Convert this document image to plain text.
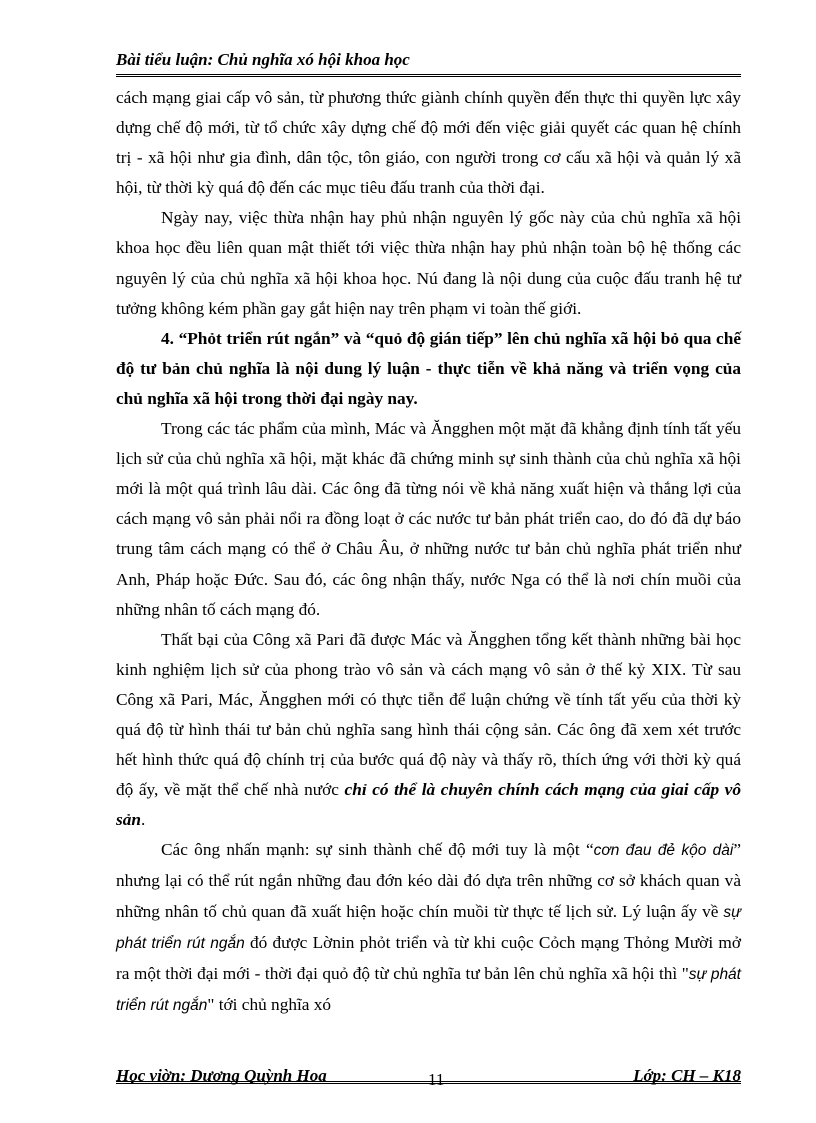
Bài tiểu luận: Chủ nghĩa xó hội khoa học

cách mạng giai cấp vô sản, từ phương thức giành chính quyền đến thực thi quyền lực xây dựng chế độ mới, từ tổ chức xây dựng chế độ mới đến việc giải quyết các quan hệ chính trị - xã hội như gia đình, dân tộc, tôn giáo, con người trong cơ cấu xã hội và quản lý xã hội, từ thời kỳ quá độ đến các mục tiêu đấu tranh của thời đại.

Ngày nay, việc thừa nhận hay phủ nhận nguyên lý gốc này của chủ nghĩa xã hội khoa học đều liên quan mật thiết tới việc thừa nhận hay phủ nhận toàn bộ hệ thống các nguyên lý của chủ nghĩa xã hội khoa học. Nú đang là nội dung của cuộc đấu tranh hệ tư tưởng không kém phần gay gắt hiện nay trên phạm vi toàn thế giới.

4. “Phỏt triển rút ngắn” và “quỏ độ gián tiếp” lên chủ nghĩa xã hội bỏ qua chế độ tư bản chủ nghĩa là nội dung lý luận - thực tiễn về khả năng và triển vọng của chủ nghĩa xã hội trong thời đại ngày nay.

Trong các tác phẩm của mình, Mác và Ăngghen một mặt đã khẳng định tính tất yếu lịch sử của chủ nghĩa xã hội, mặt khác đã chứng minh sự sinh thành của chủ nghĩa xã hội mới là một quá trình lâu dài. Các ông đã từng nói về khả năng xuất hiện và thắng lợi của cách mạng vô sản phải nổi ra đồng loạt ở các nước tư bản phát triển cao, do đó đã dự báo trung tâm cách mạng có thể ở Châu Âu, ở những nước tư bản chủ nghĩa phát triển như Anh, Pháp hoặc Đức. Sau đó, các ông nhận thấy, nước Nga có thể là nơi chín muồi của những nhân tố cách mạng đó.

Thất bại của Công xã Pari đã được Mác và Ăngghen tổng kết thành những bài học kinh nghiệm lịch sử của phong trào vô sản và cách mạng vô sản ở thế kỷ XIX. Từ sau Công xã Pari, Mác, Ăngghen mới có thực tiễn để luận chứng về tính tất yếu của thời kỳ quá độ từ hình thái tư bản chủ nghĩa sang hình thái cộng sản. Các ông đã xem xét trước hết hình thức quá độ chính trị của bước quá độ này và thấy rõ, thích ứng với thời kỳ quá độ ấy, về mặt thể chế nhà nước chỉ có thể là chuyên chính cách mạng của giai cấp vô sản.

Các ông nhấn mạnh: sự sinh thành chế độ mới tuy là một “cơn đau đẻ kộo dài” nhưng lại có thể rút ngắn những đau đớn kéo dài đó dựa trên những cơ sở khách quan và những nhân tố chủ quan đã xuất hiện hoặc chín muồi từ thực tế lịch sử. Lý luận ấy về sự phát triển rút ngắn đó được Lờnin phỏt triển và từ khi cuộc Cỏch mạng Thỏng Mười mở ra một thời đại mới - thời đại quỏ độ từ chủ nghĩa tư bản lên chủ nghĩa xã hội thì "sự phát triển rút ngắn" tới chủ nghĩa xó

Học viờn: Dương Quỳnh Hoa	11	Lớp: CH – K18
